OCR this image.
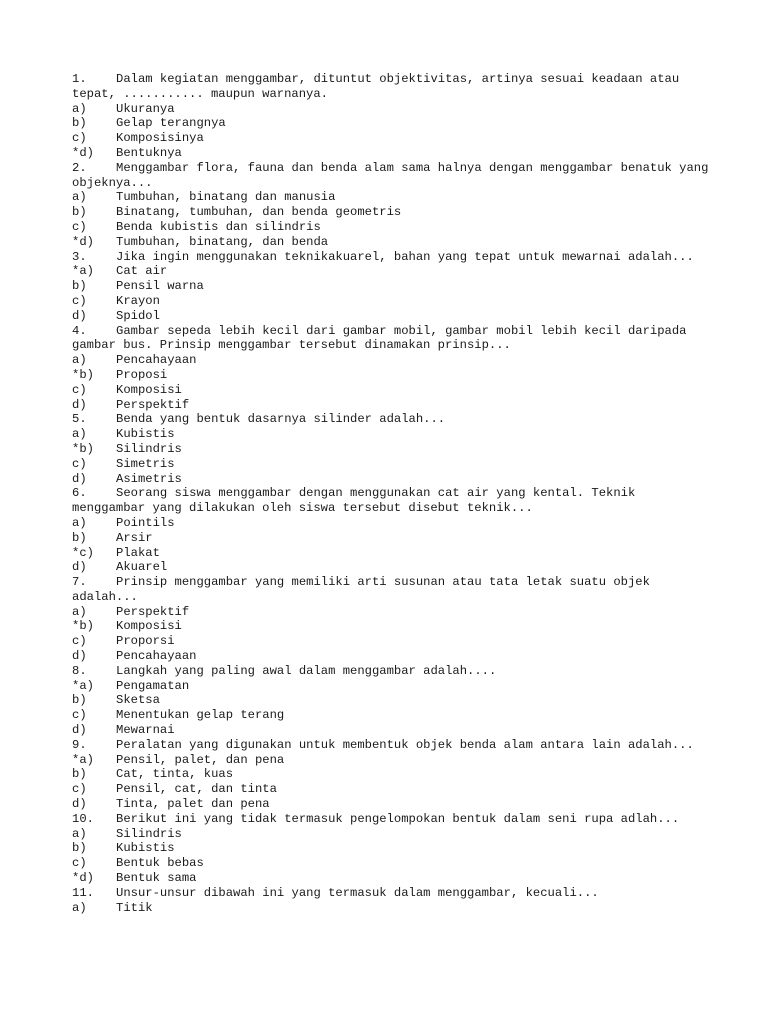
1. Dalam kegiatan menggambar, dituntut objektivitas, artinya sesuai keadaan atau tepat, ........... maupun warnanya.
a)	Ukuranya
b)	Gelap terangnya
c)	Komposisinya
*d)	Bentuknya
2. Menggambar flora, fauna dan benda alam sama halnya dengan menggambar benatuk yang objeknya...
a)	Tumbuhan, binatang dan manusia
b)	Binatang, tumbuhan, dan benda geometris
c)	Benda kubistis dan silindris
*d)	Tumbuhan, binatang, dan benda
3. Jika ingin menggunakan teknikakuarel, bahan yang tepat untuk mewarnai adalah...
*a)	Cat air
b)	Pensil warna
c)	Krayon
d)	Spidol
4. Gambar sepeda lebih kecil dari gambar mobil, gambar mobil lebih kecil daripada gambar bus. Prinsip menggambar tersebut dinamakan prinsip...
a)	Pencahayaan
*b)	Proposi
c)	Komposisi
d)	Perspektif
5. Benda yang bentuk dasarnya silinder adalah...
a)	Kubistis
*b)	Silindris
c)	Simetris
d)	Asimetris
6. Seorang siswa menggambar dengan menggunakan cat air yang kental. Teknik menggambar yang dilakukan oleh siswa tersebut disebut teknik...
a)	Pointils
b)	Arsir
*c)	Plakat
d)	Akuarel
7. Prinsip menggambar yang memiliki arti susunan atau tata letak suatu objek adalah...
a)	Perspektif
*b)	Komposisi
c)	Proporsi
d)	Pencahayaan
8. Langkah yang paling awal dalam menggambar adalah....
*a)	Pengamatan
b)	Sketsa
c)	Menentukan gelap terang
d)	Mewarnai
9. Peralatan yang digunakan untuk membentuk objek benda alam antara lain adalah...
*a)	Pensil, palet, dan pena
b)	Cat, tinta, kuas
c)	Pensil, cat, dan tinta
d)	Tinta, palet dan pena
10. Berikut ini yang tidak termasuk pengelompokan bentuk dalam seni rupa adlah...
a)	Silindris
b)	Kubistis
c)	Bentuk bebas
*d)	Bentuk sama
11. Unsur-unsur dibawah ini yang termasuk dalam menggambar, kecuali...
a)	Titik
